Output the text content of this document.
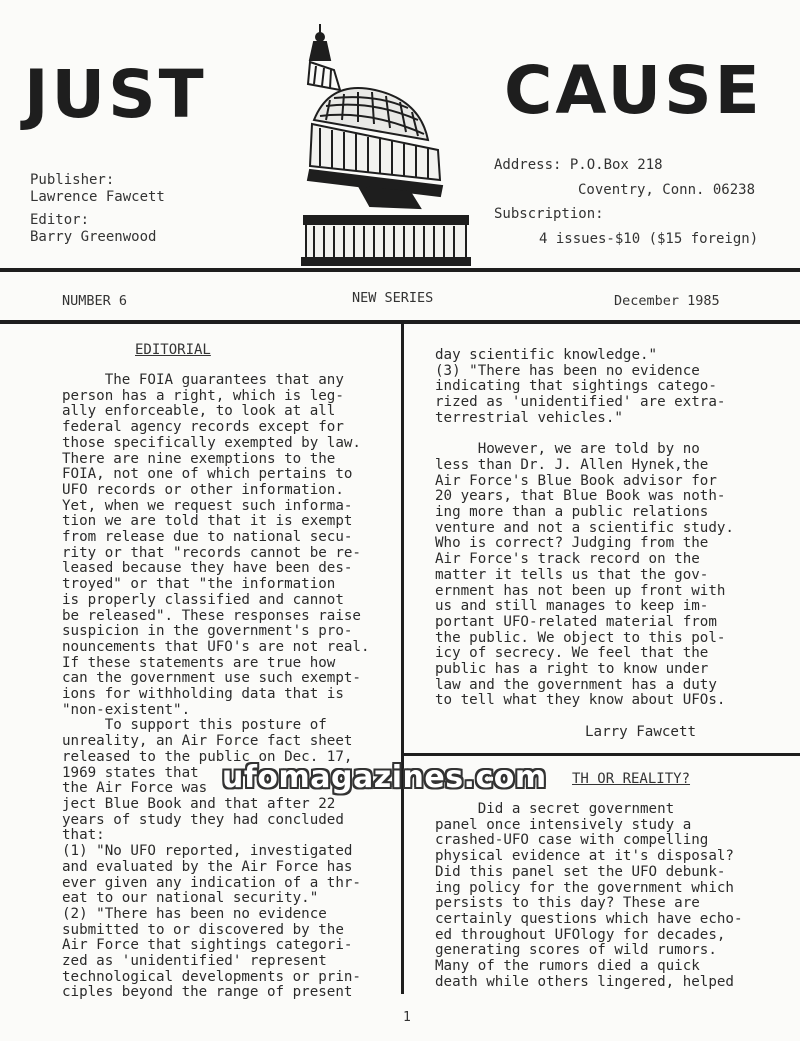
JUST	CAUSE
Publisher:
Lawrence Fawcett
Editor:
Barry Greenwood
Address: P.O.Box 218
Coventry, Conn. 06238
Subscription:
4 issues-$10 ($15 foreign)
NUMBER 6	NEW SERIES	December 1985
EDITORIAL
The FOIA guarantees that any
person has a right, which is leg-
ally enforceable, to look at all
federal agency records except for
those specifically exempted by law.
There are nine exemptions to the
FOIA, not one of which pertains to
UFO records or other information.
Yet, when we request such informa-
tion we are told that it is exempt
from release due to national secu-
rity or that "records cannot be re-
leased because they have been des-
troyed" or that "the information
is properly classified and cannot
be released". These responses raise
suspicion in the government's pro-
nouncements that UFO's are not real.
If these statements are true how
can the government use such exempt-
ions for withholding data that is
"non-existent".
To support this posture of
unreality, an Air Force fact sheet
released to the public on Dec. 17,
1969 states that
the Air Force was
ject Blue Book and that after 22
years of study they had concluded
that:
(1) "No UFO reported, investigated
and evaluated by the Air Force has
ever given any indication of a thr-
eat to our national security."
(2) "There has been no evidence
submitted to or discovered by the
Air Force that sightings categori-
zed as 'unidentified' represent
technological developments or prin-
ciples beyond the range of present
day scientific knowledge."
(3) "There has been no evidence
indicating that sightings catego-
rized as 'unidentified' are extra-
terrestrial vehicles."

However, we are told by no
less than Dr. J. Allen Hynek,the
Air Force's Blue Book advisor for
20 years, that Blue Book was noth-
ing more than a public relations
venture and not a scientific study.
Who is correct? Judging from the
Air Force's track record on the
matter it tells us that the gov-
ernment has not been up front with
us and still manages to keep im-
portant UFO-related material from
the public. We object to this pol-
icy of secrecy. We feel that the
public has a right to know under
law and the government has a duty
to tell what they know about UFOs.
Larry Fawcett
TH OR REALITY?
Did a secret government
panel once intensively study a
crashed-UFO case with compelling
physical evidence at it's disposal?
Did this panel set the UFO debunk-
ing policy for the government which
persists to this day? These are
certainly questions which have echo-
ed throughout UFOlogy for decades,
generating scores of wild rumors.
Many of the rumors died a quick
death while others lingered, helped
ufomagazines.com
1
